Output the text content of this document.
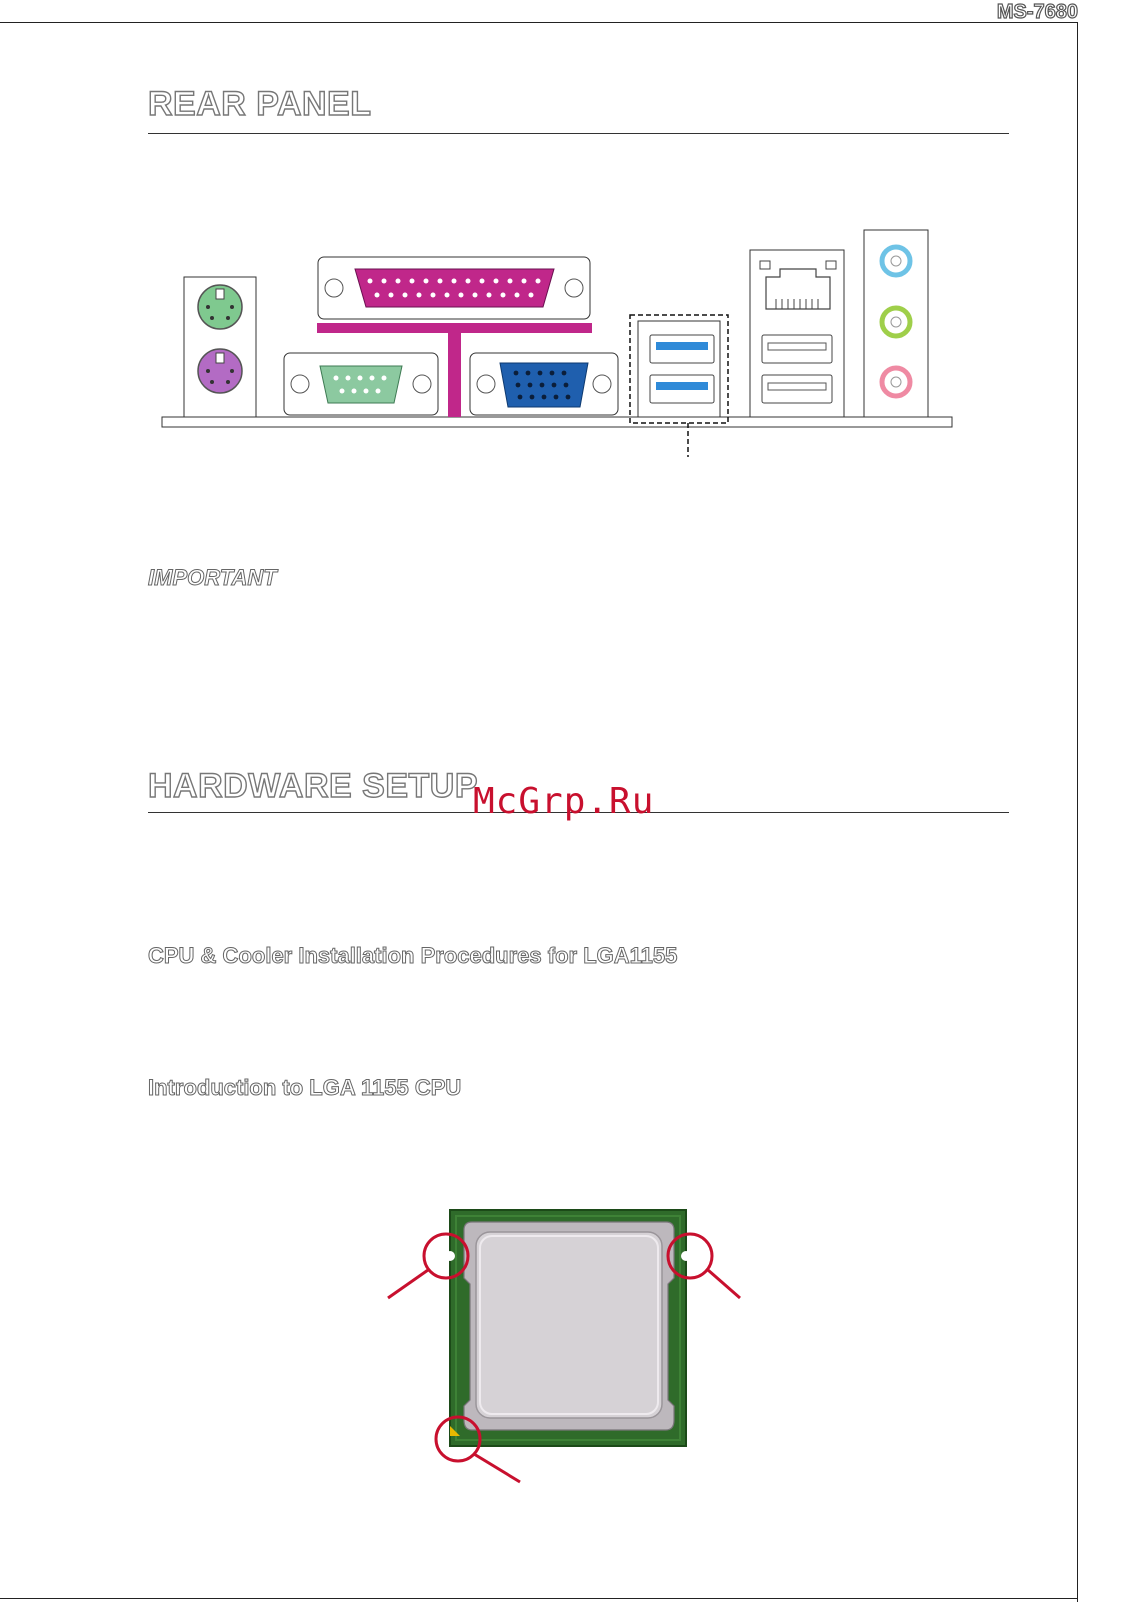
MS-7680
REAR PANEL
IMPORTANT
HARDWARE SETUP
McGrp.Ru
CPU & Cooler Installation Procedures for LGA1155
Introduction to LGA 1155 CPU
